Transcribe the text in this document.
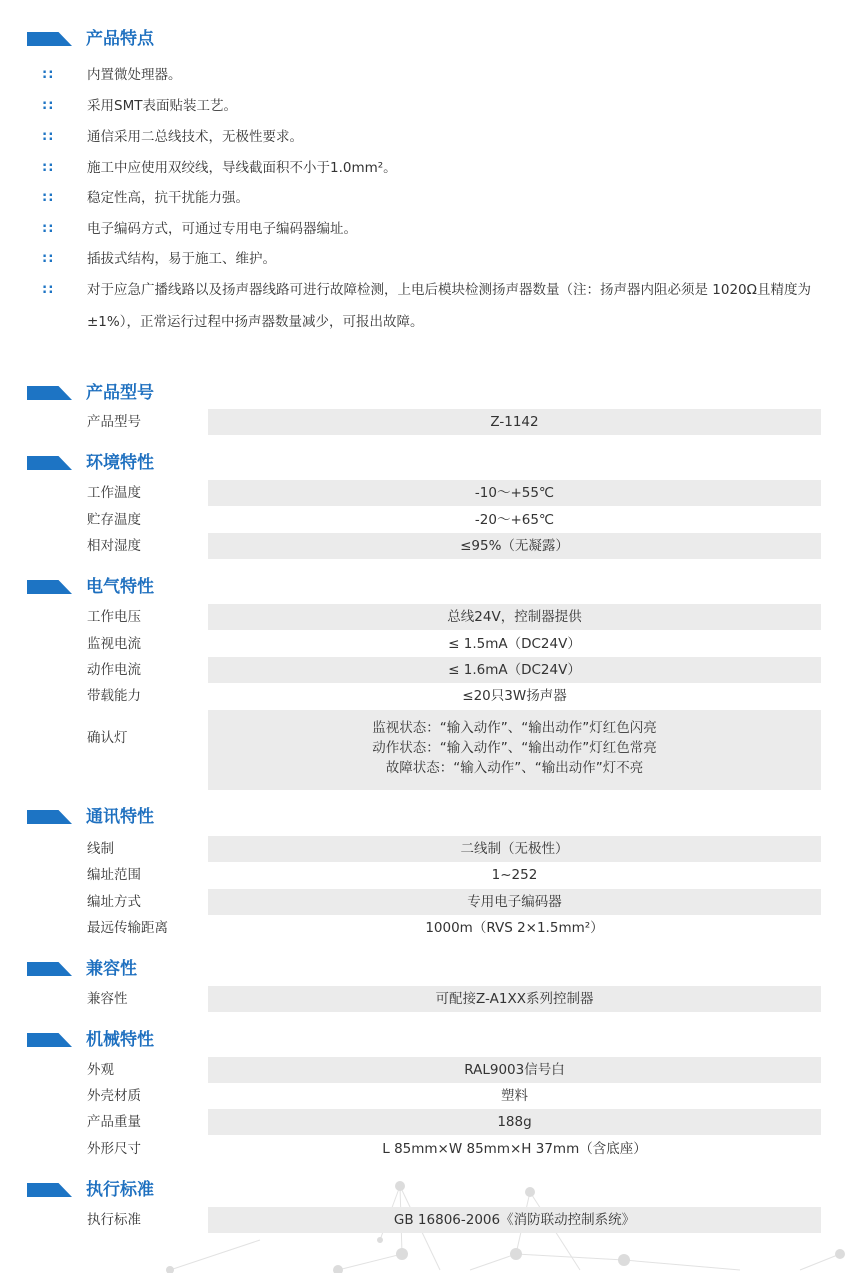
产品特点
:: 内置微处理器。
:: 采用SMT表面贴装工艺。
:: 通信采用二总线技术，无极性要求。
:: 施工中应使用双绞线，导线截面积不小于1.0mm²。
:: 稳定性高，抗干扰能力强。
:: 电子编码方式，可通过专用电子编码器编址。
:: 插拔式结构，易于施工、维护。
:: 对于应急广播线路以及扬声器线路可进行故障检测，上电后模块检测扬声器数量（注：扬声器内阻必须是 1020Ω且精度为±1%），正常运行过程中扬声器数量减少，可报出故障。
产品型号
产品型号	Z-1142
环境特性
工作温度	-10～+55℃
贮存温度	-20～+65℃
相对湿度	≤95%（无凝露）
电气特性
工作电压	总线24V，控制器提供
监视电流	≤ 1.5mA（DC24V）
动作电流	≤ 1.6mA（DC24V）
带载能力	≤20只3W扬声器
确认灯
监视状态：“输入动作”、“输出动作”灯红色闪亮
动作状态：“输入动作”、“输出动作”灯红色常亮
故障状态：“输入动作”、“输出动作”灯不亮
通讯特性
线制	二线制（无极性）
编址范围	1~252
编址方式	专用电子编码器
最远传输距离	1000m（RVS 2×1.5mm²）
兼容性
兼容性	可配接Z-A1XX系列控制器
机械特性
外观	RAL9003信号白
外壳材质	塑料
产品重量	188g
外形尺寸	L 85mm×W 85mm×H 37mm（含底座）
执行标准
执行标准	GB 16806-2006《消防联动控制系统》
